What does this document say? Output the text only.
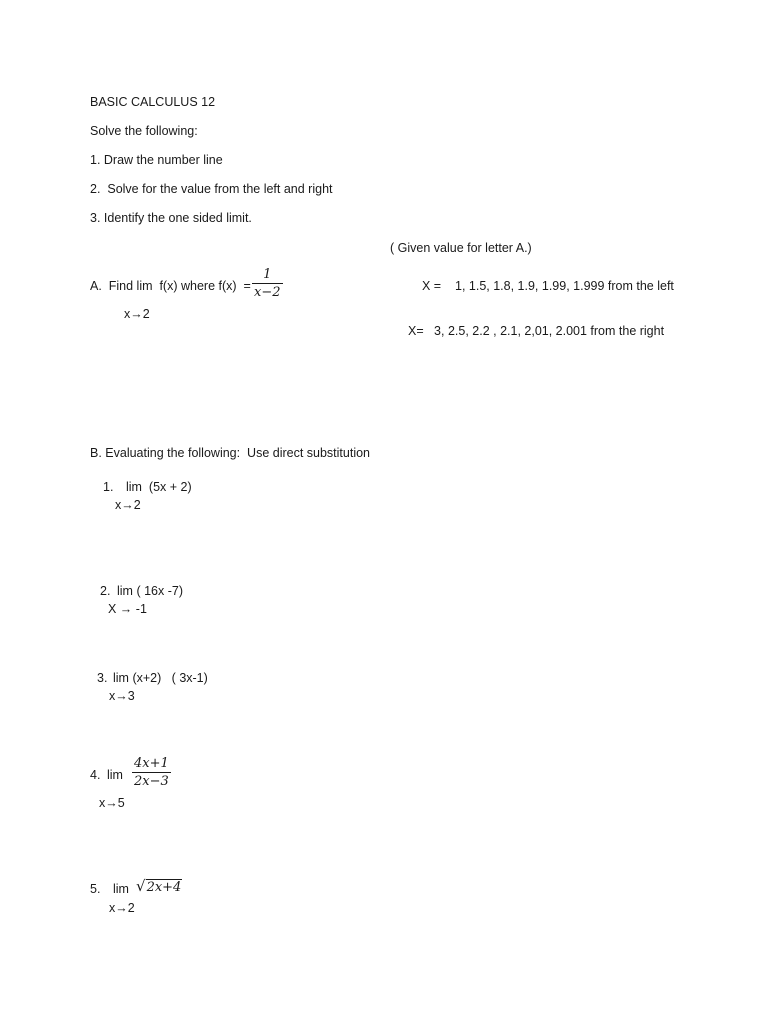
BASIC CALCULUS 12
Solve the following:
1. Draw the number line
2.  Solve for the value from the left and right
3. Identify the one sided limit.
( Given value for letter A.)
A.  Find lim  f(x) where f(x)  =
1
x−2
x→2
X =    1, 1.5, 1.8, 1.9, 1.99, 1.999 from the left
X=   3, 2.5, 2.2 , 2.1, 2,01, 2.001 from the right
B. Evaluating the following:  Use direct substitution
1. lim  (5x + 2)
x→2
2. lim ( 16x -7)
X → -1
3. lim (x+2)   ( 3x-1)
x→3
4. lim
4x+1
2x−3
x→5
5. lim √ 2x+4
x→2
